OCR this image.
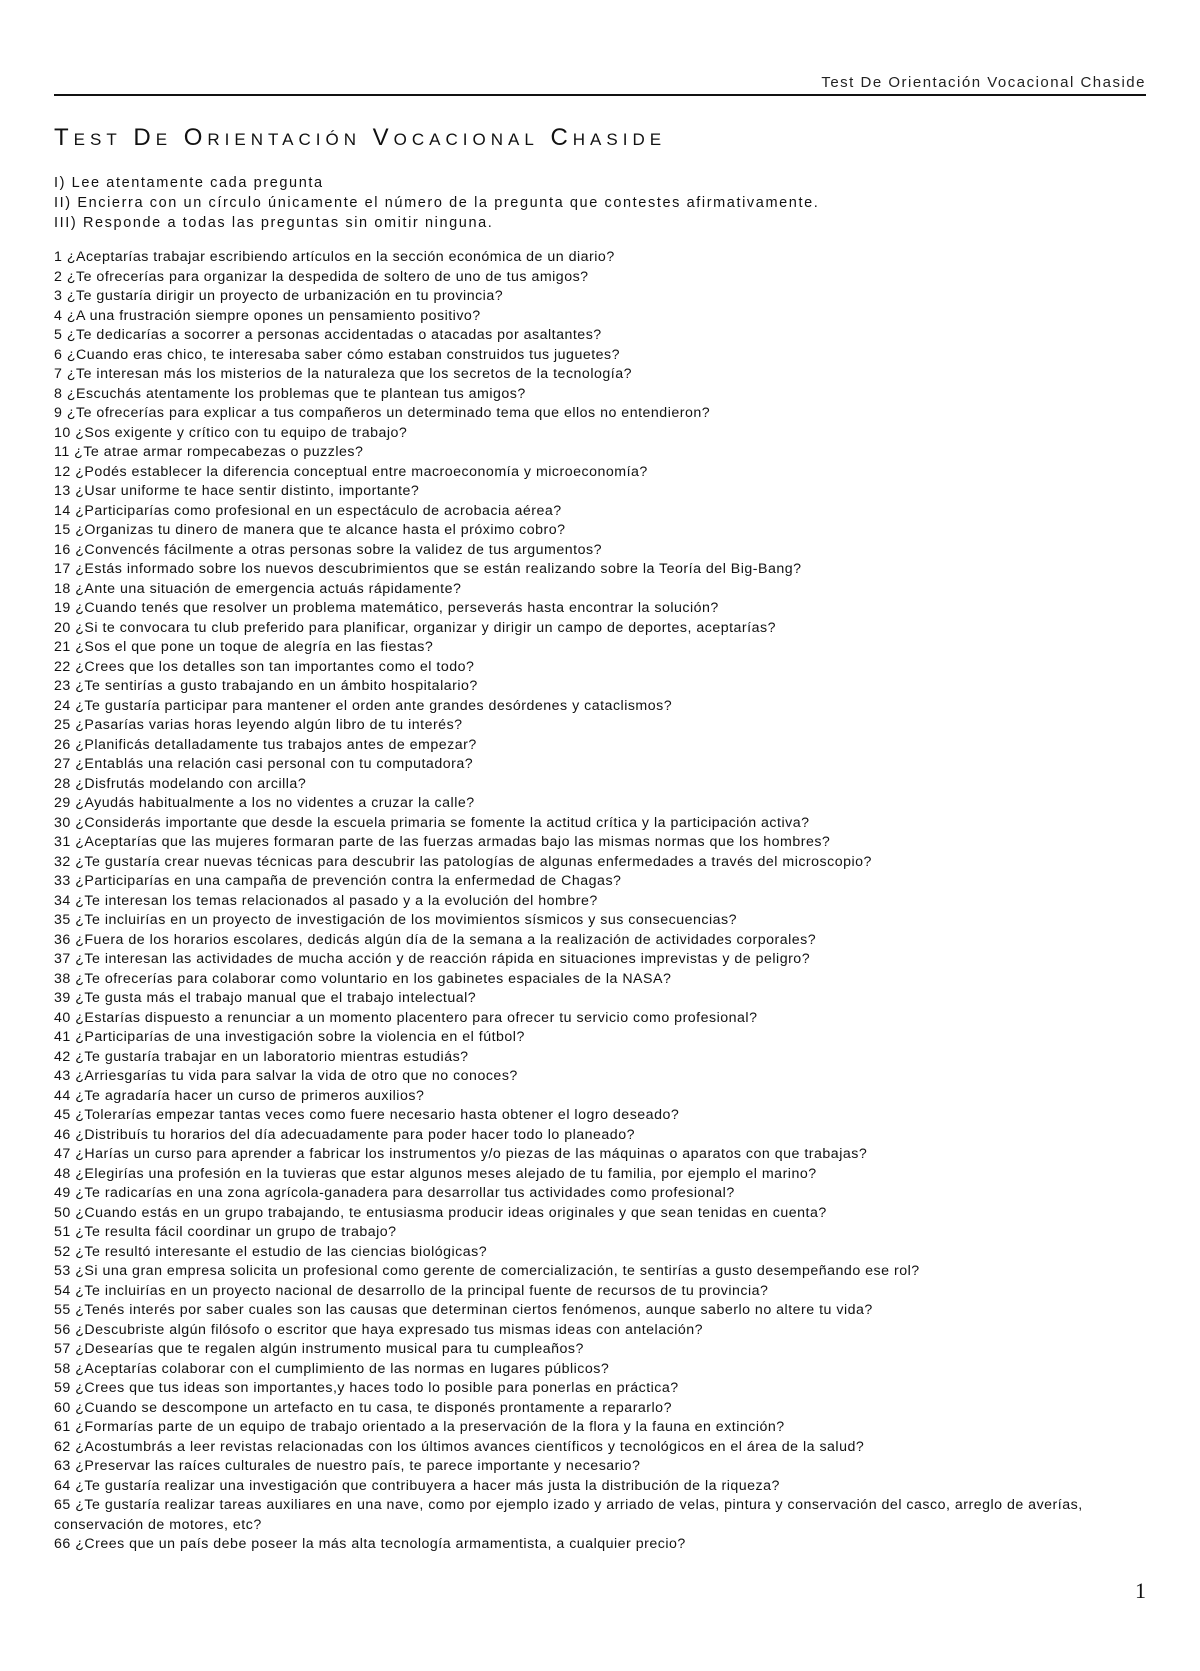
Test De Orientación Vocacional Chaside
Test De Orientación Vocacional Chaside
I) Lee atentamente cada pregunta
II) Encierra con un círculo únicamente el número de la pregunta que contestes afirmativamente.
III) Responde a todas las preguntas sin omitir ninguna.
1 ¿Aceptarías trabajar escribiendo artículos en la sección económica de un diario?
2 ¿Te ofrecerías para organizar la despedida de soltero de uno de tus amigos?
3 ¿Te gustaría dirigir un proyecto de urbanización en tu provincia?
4 ¿A una frustración siempre opones un pensamiento positivo?
5 ¿Te dedicarías a socorrer a personas accidentadas o atacadas por asaltantes?
6 ¿Cuando eras chico, te interesaba saber cómo estaban construidos tus juguetes?
7 ¿Te interesan más los misterios de la naturaleza que los secretos de la tecnología?
8 ¿Escuchás atentamente los problemas que te plantean tus amigos?
9 ¿Te ofrecerías para explicar a tus compañeros un determinado tema que ellos no entendieron?
10 ¿Sos exigente y crítico con tu equipo de trabajo?
11 ¿Te atrae armar rompecabezas o puzzles?
12 ¿Podés establecer la diferencia conceptual entre macroeconomía y microeconomía?
13 ¿Usar uniforme te hace sentir distinto, importante?
14 ¿Participarías como profesional en un espectáculo de acrobacia aérea?
15 ¿Organizas tu dinero de manera que te alcance hasta el próximo cobro?
16 ¿Convencés fácilmente a otras personas sobre la validez de tus argumentos?
17 ¿Estás informado sobre los nuevos descubrimientos que se están realizando sobre la Teoría del Big-Bang?
18 ¿Ante una situación de emergencia actuás rápidamente?
19 ¿Cuando tenés que resolver un problema matemático, perseverás hasta encontrar la solución?
20 ¿Si te convocara tu club preferido para planificar, organizar y dirigir un campo de deportes, aceptarías?
21 ¿Sos el que pone un toque de alegría en las fiestas?
22 ¿Crees que los detalles son tan importantes como el todo?
23 ¿Te sentirías a gusto trabajando en un ámbito hospitalario?
24 ¿Te gustaría participar para mantener el orden ante grandes desórdenes y cataclismos?
25 ¿Pasarías varias horas leyendo algún libro de tu interés?
26 ¿Planificás detalladamente tus trabajos antes de empezar?
27 ¿Entablás una relación casi personal con tu computadora?
28 ¿Disfrutás modelando con arcilla?
29 ¿Ayudás habitualmente a los no videntes a cruzar la calle?
30 ¿Considerás importante que desde la escuela primaria se fomente la actitud crítica y la participación activa?
31 ¿Aceptarías que las mujeres formaran parte de las fuerzas armadas bajo las mismas normas que los hombres?
32 ¿Te gustaría crear nuevas técnicas para descubrir las patologías de algunas enfermedades a través del microscopio?
33 ¿Participarías en una campaña de prevención contra la enfermedad de Chagas?
34 ¿Te interesan los temas relacionados al pasado y a la evolución del hombre?
35 ¿Te incluirías en un proyecto de investigación de los movimientos sísmicos y sus consecuencias?
36 ¿Fuera de los horarios escolares, dedicás algún día de la semana a la realización de actividades corporales?
37 ¿Te interesan las actividades de mucha acción y de reacción rápida en situaciones imprevistas y de peligro?
38 ¿Te ofrecerías para colaborar como voluntario en los gabinetes espaciales de la NASA?
39 ¿Te gusta más el trabajo manual que el trabajo intelectual?
40 ¿Estarías dispuesto a renunciar a un momento placentero para ofrecer tu servicio como profesional?
41 ¿Participarías de una investigación sobre la violencia en el fútbol?
42 ¿Te gustaría trabajar en un laboratorio mientras estudiás?
43 ¿Arriesgarías tu vida para salvar la vida de otro que no conoces?
44 ¿Te agradaría hacer un curso de primeros auxilios?
45 ¿Tolerarías empezar tantas veces como fuere necesario hasta obtener el logro deseado?
46 ¿Distribuís tu horarios del día adecuadamente para poder hacer todo lo planeado?
47 ¿Harías un curso para aprender a fabricar los instrumentos y/o piezas de las máquinas o aparatos con que trabajas?
48 ¿Elegirías una profesión en la tuvieras que estar algunos meses alejado de tu familia, por ejemplo el marino?
49 ¿Te radicarías en una zona agrícola-ganadera para desarrollar tus actividades como profesional?
50 ¿Cuando estás en un grupo trabajando, te entusiasma producir ideas originales y que sean tenidas en cuenta?
51 ¿Te resulta fácil coordinar un grupo de trabajo?
52 ¿Te resultó interesante el estudio de las ciencias biológicas?
53 ¿Si una gran empresa solicita un profesional como gerente de comercialización, te sentirías a gusto desempeñando ese rol?
54 ¿Te incluirías en un proyecto nacional de desarrollo de la principal fuente de recursos de tu provincia?
55 ¿Tenés interés por saber cuales son las causas que determinan ciertos fenómenos, aunque saberlo no altere tu vida?
56 ¿Descubriste algún filósofo o escritor que haya expresado tus mismas ideas con antelación?
57 ¿Desearías que te regalen algún instrumento musical para tu cumpleaños?
58 ¿Aceptarías colaborar con el cumplimiento de las normas en lugares públicos?
59 ¿Crees que tus ideas son importantes,y haces todo lo posible para ponerlas en práctica?
60 ¿Cuando se descompone un artefacto en tu casa, te disponés prontamente a repararlo?
61 ¿Formarías parte de un equipo de trabajo orientado a la preservación de la flora y la fauna en extinción?
62 ¿Acostumbrás a leer revistas relacionadas con los últimos avances científicos y tecnológicos en el área de la salud?
63 ¿Preservar las raíces culturales de nuestro país, te parece importante y necesario?
64 ¿Te gustaría realizar una investigación que contribuyera a hacer más justa la distribución de la riqueza?
65 ¿Te gustaría realizar tareas auxiliares en una nave, como por ejemplo izado y arriado de velas, pintura y conservación del casco, arreglo de averías, conservación de motores, etc?
66 ¿Crees que un país debe poseer la más alta tecnología armamentista, a cualquier precio?
1
